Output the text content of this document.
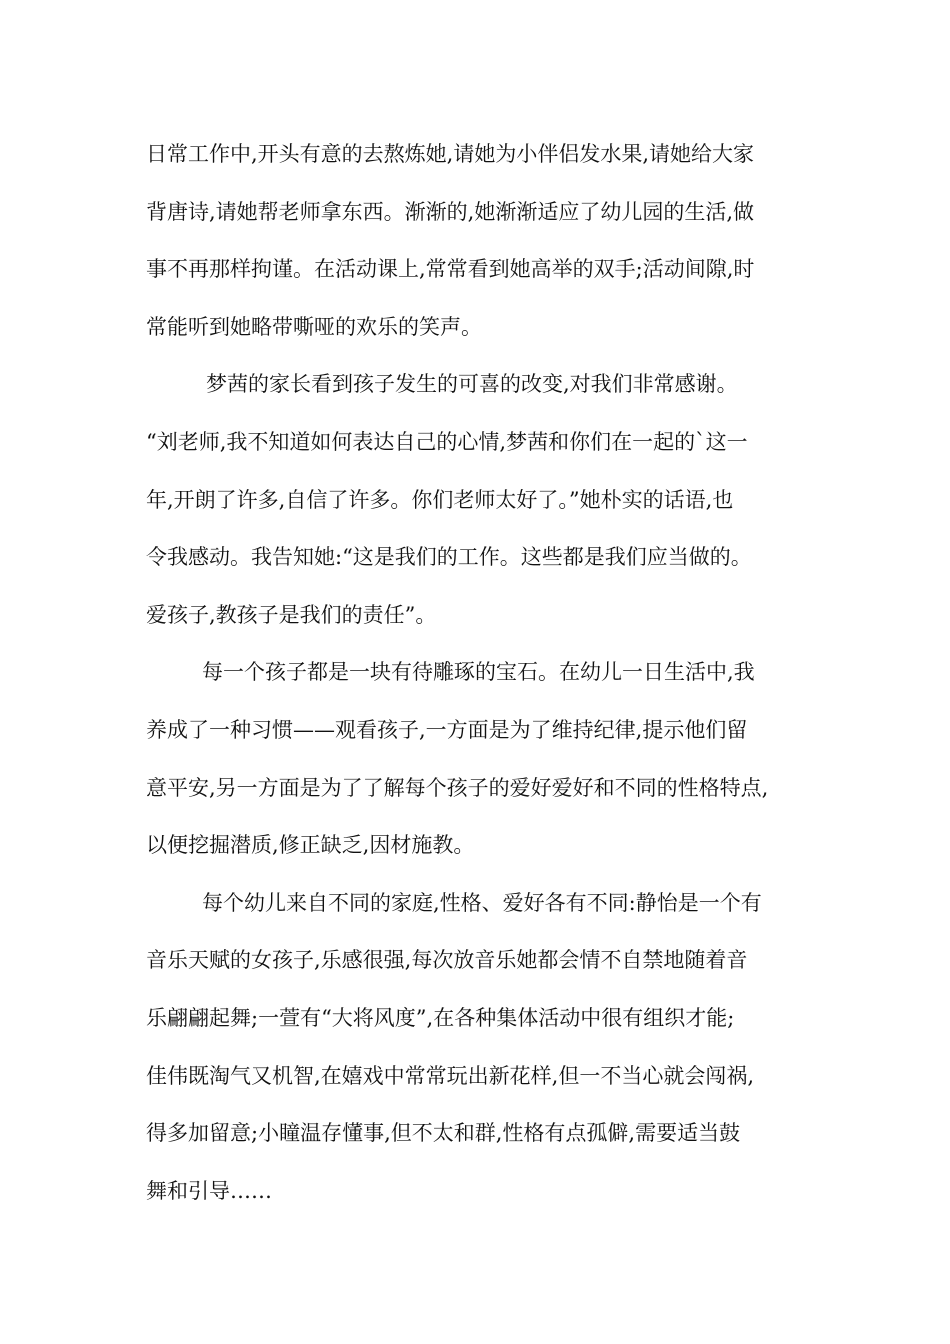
日常工作中,开头有意的去熬炼她,请她为小伴侣发水果,请她给大家
背唐诗,请她帮老师拿东西。渐渐的,她渐渐适应了幼儿园的生活,做
事不再那样拘谨。在活动课上,常常看到她高举的双手;活动间隙,时
常能听到她略带嘶哑的欢乐的笑声。
梦茜的家长看到孩子发生的可喜的改变,对我们非常感谢。
“刘老师,我不知道如何表达自己的心情,梦茜和你们在一起的`这一
年,开朗了许多,自信了许多。你们老师太好了。”她朴实的话语,也
令我感动。我告知她:“这是我们的工作。这些都是我们应当做的。
爱孩子,教孩子是我们的责任”。
每一个孩子都是一块有待雕琢的宝石。在幼儿一日生活中,我
养成了一种习惯——观看孩子,一方面是为了维持纪律,提示他们留
意平安,另一方面是为了了解每个孩子的爱好爱好和不同的性格特点,
以便挖掘潜质,修正缺乏,因材施教。
每个幼儿来自不同的家庭,性格、爱好各有不同:静怡是一个有
音乐天赋的女孩子,乐感很强,每次放音乐她都会情不自禁地随着音
乐翩翩起舞;一萱有“大将风度”,在各种集体活动中很有组织才能;
佳伟既淘气又机智,在嬉戏中常常玩出新花样,但一不当心就会闯祸,
得多加留意;小瞳温存懂事,但不太和群,性格有点孤僻,需要适当鼓
舞和引导……
